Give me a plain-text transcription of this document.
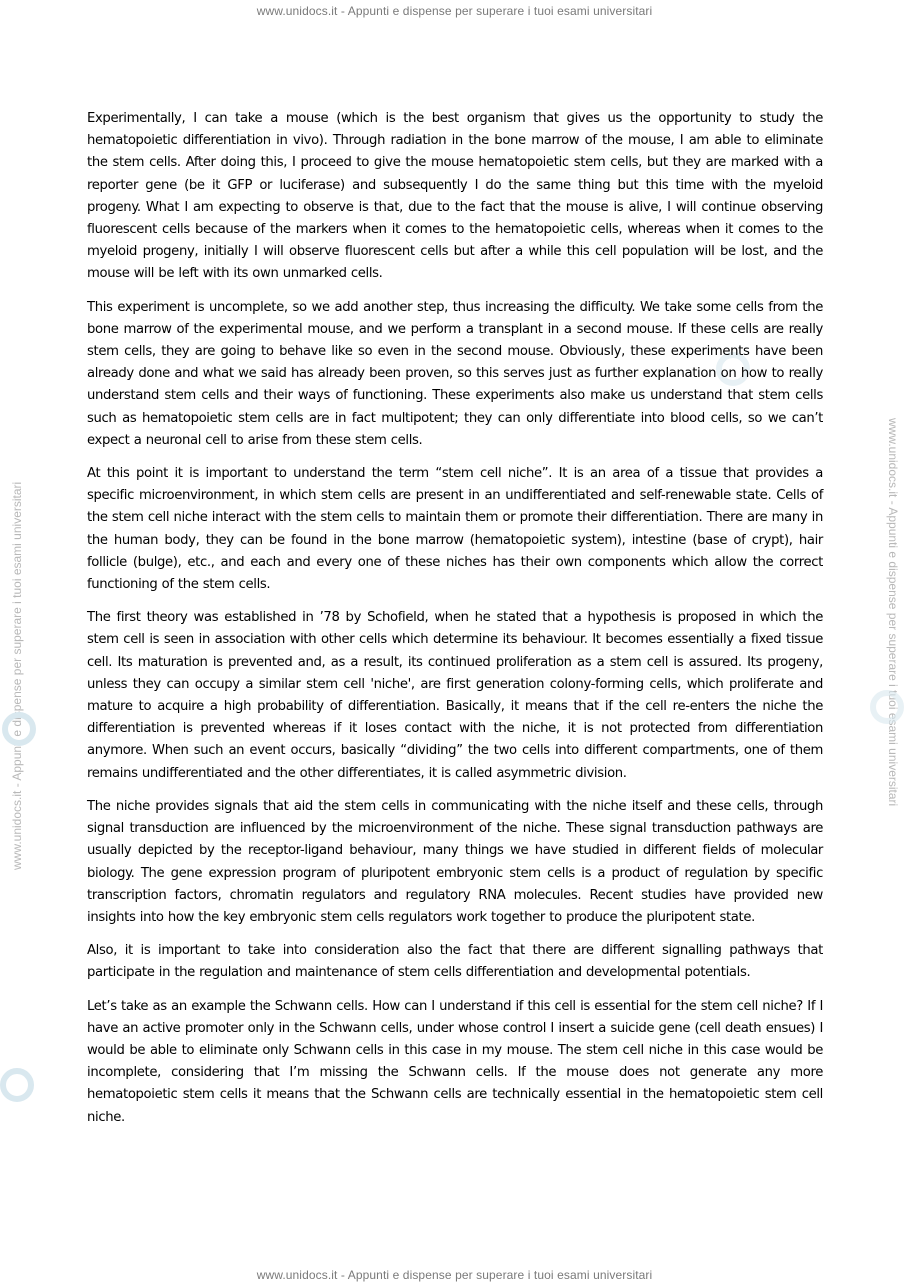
www.unidocs.it - Appunti e dispense per superare i tuoi esami universitari
www.unidocs.it - Appunti e dispense per superare i tuoi esami universitari	www.unidocs.it - Appunti e dispense per superare i tuoi esami universitari

Experimentally, I can take a mouse (which is the best organism that gives us the opportunity to study the hematopoietic differentiation in vivo). Through radiation in the bone marrow of the mouse, I am able to eliminate the stem cells. After doing this, I proceed to give the mouse hematopoietic stem cells, but they are marked with a reporter gene (be it GFP or luciferase) and subsequently I do the same thing but this time with the myeloid progeny. What I am expecting to observe is that, due to the fact that the mouse is alive, I will continue observing fluorescent cells because of the markers when it comes to the hematopoietic cells, whereas when it comes to the myeloid progeny, initially I will observe fluorescent cells but after a while this cell population will be lost, and the mouse will be left with its own unmarked cells.

This experiment is uncomplete, so we add another step, thus increasing the difficulty. We take some cells from the bone marrow of the experimental mouse, and we perform a transplant in a second mouse. If these cells are really stem cells, they are going to behave like so even in the second mouse. Obviously, these experiments have been already done and what we said has already been proven, so this serves just as further explanation on how to really understand stem cells and their ways of functioning. These experiments also make us understand that stem cells such as hematopoietic stem cells are in fact multipotent; they can only differentiate into blood cells, so we can’t expect a neuronal cell to arise from these stem cells.

At this point it is important to understand the term “stem cell niche”. It is an area of a tissue that provides a specific microenvironment, in which stem cells are present in an undifferentiated and self-renewable state. Cells of the stem cell niche interact with the stem cells to maintain them or promote their differentiation. There are many in the human body, they can be found in the bone marrow (hematopoietic system), intestine (base of crypt), hair follicle (bulge), etc., and each and every one of these niches has their own components which allow the correct functioning of the stem cells.

The first theory was established in ’78 by Schofield, when he stated that a hypothesis is proposed in which the stem cell is seen in association with other cells which determine its behaviour. It becomes essentially a fixed tissue cell. Its maturation is prevented and, as a result, its continued proliferation as a stem cell is assured. Its progeny, unless they can occupy a similar stem cell 'niche', are first generation colony-forming cells, which proliferate and mature to acquire a high probability of differentiation. Basically, it means that if the cell re-enters the niche the differentiation is prevented whereas if it loses contact with the niche, it is not protected from differentiation anymore. When such an event occurs, basically “dividing” the two cells into different compartments, one of them remains undifferentiated and the other differentiates, it is called asymmetric division.

The niche provides signals that aid the stem cells in communicating with the niche itself and these cells, through signal transduction are influenced by the microenvironment of the niche. These signal transduction pathways are usually depicted by the receptor-ligand behaviour, many things we have studied in different fields of molecular biology. The gene expression program of pluripotent embryonic stem cells is a product of regulation by specific transcription factors, chromatin regulators and regulatory RNA molecules. Recent studies have provided new insights into how the key embryonic stem cells regulators work together to produce the pluripotent state.

Also, it is important to take into consideration also the fact that there are different signalling pathways that participate in the regulation and maintenance of stem cells differentiation and developmental potentials.

Let’s take as an example the Schwann cells. How can I understand if this cell is essential for the stem cell niche? If I have an active promoter only in the Schwann cells, under whose control I insert a suicide gene (cell death ensues) I would be able to eliminate only Schwann cells in this case in my mouse. The stem cell niche in this case would be incomplete, considering that I’m missing the Schwann cells. If the mouse does not generate any more hematopoietic stem cells it means that the Schwann cells are technically essential in the hematopoietic stem cell niche.

www.unidocs.it - Appunti e dispense per superare i tuoi esami universitari
